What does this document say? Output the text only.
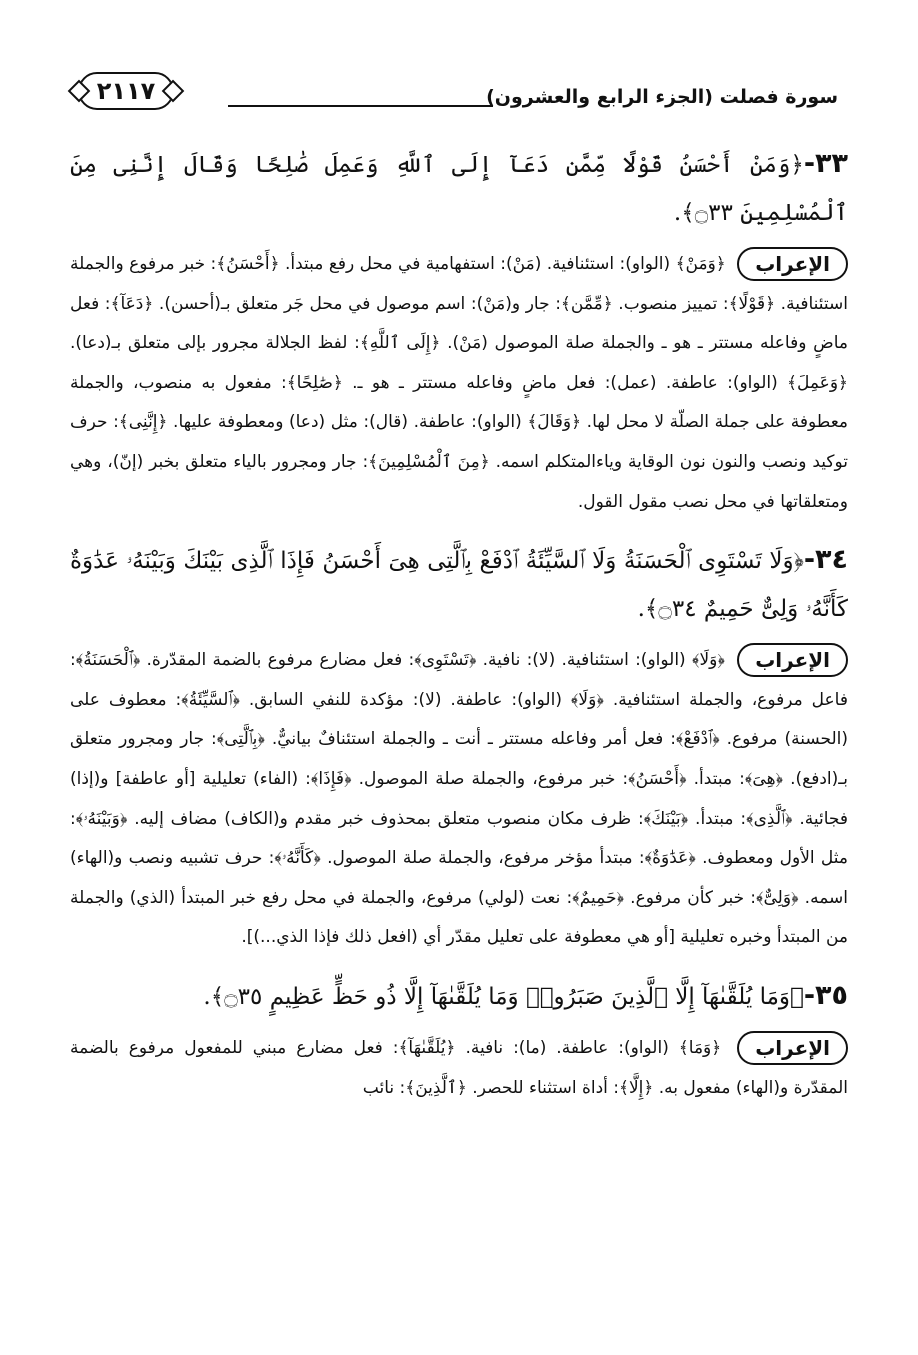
سورة فصلت (الجزء الرابع والعشرون)
٢١١٧

٣٣-﴿وَمَنْ أَحْسَنُ قَوْلًا مِّمَّن دَعَآ إِلَى ٱللَّهِ وَعَمِلَ صَٰلِحًا وَقَالَ إِنَّنِى مِنَ ٱلْمُسْلِمِينَ ۝٣٣﴾.

الإعراب ﴿وَمَنْ﴾ (الواو): استئنافية. (مَنْ): استفهامية في محل رفع مبتدأ. ﴿أَحْسَنُ﴾: خبر مرفوع والجملة استئنافية. ﴿قَوْلًا﴾: تمييز منصوب. ﴿مِّمَّن﴾: جار و(مَنْ): اسم موصول في محل جَر متعلق بـ(أحسن). ﴿دَعَآ﴾: فعل ماضٍ وفاعله مستتر ـ هو ـ والجملة صلة الموصول (مَنْ). ﴿إِلَى ٱللَّهِ﴾: لفظ الجلالة مجرور بإلى متعلق بـ(دعا). ﴿وَعَمِلَ﴾ (الواو): عاطفة. (عمل): فعل ماضٍ وفاعله مستتر ـ هو ـ. ﴿صَٰلِحًا﴾: مفعول به منصوب، والجملة معطوفة على جملة الصلّة لا محل لها. ﴿وَقَالَ﴾ (الواو): عاطفة. (قال): مثل (دعا) ومعطوفة عليها. ﴿إِنَّنِى﴾: حرف توكيد ونصب والنون نون الوقاية وياءالمتكلم اسمه. ﴿مِنَ ٱلْمُسْلِمِينَ﴾: جار ومجرور بالياء متعلق بخبر (إنّ)، وهي ومتعلقاتها في محل نصب مقول القول.

٣٤-﴿وَلَا تَسْتَوِى ٱلْحَسَنَةُ وَلَا ٱلسَّيِّئَةُ ٱدْفَعْ بِٱلَّتِى هِىَ أَحْسَنُ فَإِذَا ٱلَّذِى بَيْنَكَ وَبَيْنَهُۥ عَدَٰوَةٌ كَأَنَّهُۥ وَلِىٌّ حَمِيمٌ ۝٣٤﴾.

الإعراب ﴿وَلَا﴾ (الواو): استئنافية. (لا): نافية. ﴿تَسْتَوِى﴾: فعل مضارع مرفوع بالضمة المقدّرة. ﴿ٱلْحَسَنَةُ﴾: فاعل مرفوع، والجملة استئنافية. ﴿وَلَا﴾ (الواو): عاطفة. (لا): مؤكدة للنفي السابق. ﴿ٱلسَّيِّئَةُ﴾: معطوف على (الحسنة) مرفوع. ﴿ٱدْفَعْ﴾: فعل أمر وفاعله مستتر ـ أنت ـ والجملة استئنافٌ بيانيٌّ. ﴿بِٱلَّتِى﴾: جار ومجرور متعلق بـ(ادفع). ﴿هِىَ﴾: مبتدأ. ﴿أَحْسَنُ﴾: خبر مرفوع، والجملة صلة الموصول. ﴿فَإِذَا﴾: (الفاء) تعليلية [أو عاطفة] و(إذا) فجائية. ﴿ٱلَّذِى﴾: مبتدأ. ﴿بَيْنَكَ﴾: ظرف مكان منصوب متعلق بمحذوف خبر مقدم و(الكاف) مضاف إليه. ﴿وَبَيْنَهُۥ﴾: مثل الأول ومعطوف. ﴿عَدَٰوَةٌ﴾: مبتدأ مؤخر مرفوع، والجملة صلة الموصول. ﴿كَأَنَّهُۥ﴾: حرف تشبيه ونصب و(الهاء) اسمه. ﴿وَلِىٌّ﴾: خبر كأن مرفوع. ﴿حَمِيمٌ﴾: نعت (لولي) مرفوع، والجملة في محل رفع خبر المبتدأ (الذي) والجملة من المبتدأ وخبره تعليلية [أو هي معطوفة على تعليل مقدّر أي (افعل ذلك فإذا الذي...)].

٣٥-﴿وَمَا يُلَقَّىٰهَآ إِلَّا ٱلَّذِينَ صَبَرُوا۟ وَمَا يُلَقَّىٰهَآ إِلَّا ذُو حَظٍّ عَظِيمٍ ۝٣٥﴾.

الإعراب ﴿وَمَا﴾ (الواو): عاطفة. (ما): نافية. ﴿يُلَقَّىٰهَآ﴾: فعل مضارع مبني للمفعول مرفوع بالضمة المقدّرة و(الهاء) مفعول به. ﴿إِلَّا﴾: أداة استثناء للحصر. ﴿ٱلَّذِينَ﴾: نائب
